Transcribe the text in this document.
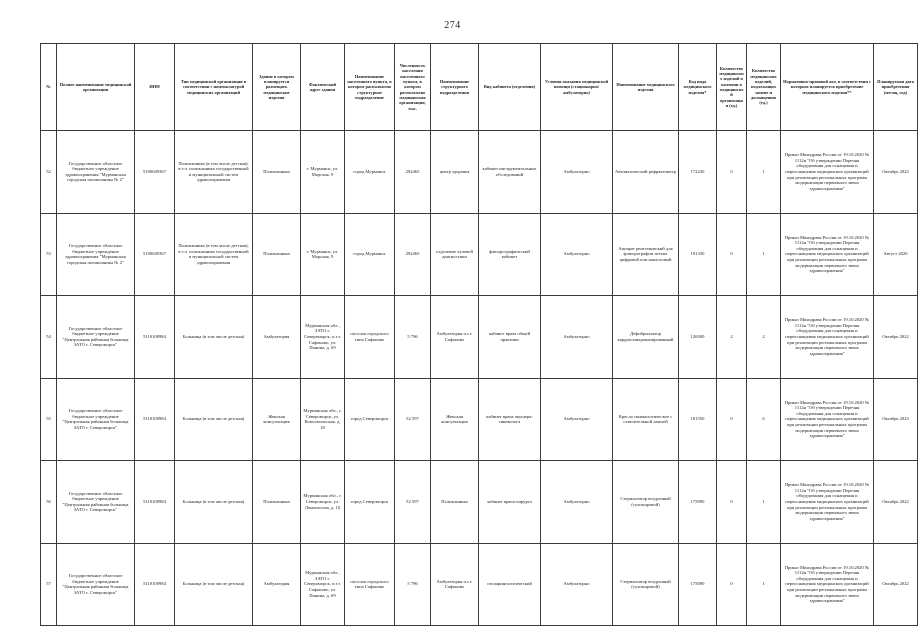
274
№	Полное наименование медицинской организации	ИНН	Тип медицинской организации в соответствии с номенклатурой медицинских организаций	Здание в котором планируется размещать медицинские изделия	Фактический адрес здания	Наименование населенного пункта, в котором расположено структурное подразделение	Численность населения населенного пункта, в котором расположено медицинская организация, тыс.	Наименование структурного подразделения	Вид кабинета (отделения)	Условия оказания медицинской помощи (стационарно/амбулаторно)	Наименование медицинского изделия	Код вида медицинского изделия*	Количество медицинских изделий в наличии в медицинской организации (ед.)	Количество медицинских изделий, подлежащих замене и доснащению (ед.)	Нормативно-правовой акт, в соответствии с которым планируется приобретение медицинского изделия**	Планируемая дата приобретения (месяц, год)
52	Государственное областное бюджетное учреждение здравоохранения "Мурманская городская поликлиника № 2"	5190049367	Поликлиника (в том числе детская), в т.ч. поликлиника государственной и муниципальной систем здравоохранения	Поликлиника	г. Мурманск, ул. Морская, 9	город Мурманск	292465	центр здоровья	кабинет инструментальных обследований	Амбулаторно	Автоматический рефрактометр	172230	0	1	Приказ Минздрава России от 19.10.2020 № 1112н "Об утверждении Перечня оборудования для оснащения и переоснащения медицинских организаций при реализации региональных программ модернизации первичного звена здравоохранения"	Октябрь 2022
53	Государственное областное бюджетное учреждение здравоохранения "Мурманская городская поликлиника № 2"	5190049367	Поликлиника (в том числе детская), в т.ч. поликлиника государственной и муниципальной систем здравоохранения	Поликлиника	г. Мурманск, ул. Морская, 9	город Мурманск	292465	отделение лучевой диагностики	флюорографический кабинет	Амбулаторно	Аппарат рентгеновский для флюорографии легких цифровой или аналоговый	191330	0	1	Приказ Минздрава России от 19.10.2020 № 1112н "Об утверждении Перечня оборудования для оснащения и переоснащения медицинских организаций при реализации региональных программ модернизации первичного звена здравоохранения"	Август 2020
54	Государственное областное бюджетное учреждение "Центральная районная больница ЗАТО г. Североморск"	5110100984	Больница (в том числе детская)	Амбулатория	Мурманская обл., ЗАТО г. Североморск, п.г.т. Сафоново, ул. Панина, д. 69	поселок городского типа Сафоново	5 796	Амбулатория п.г.т. Сафоново	кабинет врача общей практики	Амбулаторно	Дефибриллятор кардиосинхронизированный	126500	2	2	Приказ Минздрава России от 19.10.2020 № 1112н "Об утверждении Перечня оборудования для оснащения и переоснащения медицинских организаций при реализации региональных программ модернизации первичного звена здравоохранения"	Октябрь 2022
55	Государственное областное бюджетное учреждение "Центральная районная больница ЗАТО г. Североморск"	5110100984	Больница (в том числе детская)	Женская консультация	Мурманская обл., г. Североморск, ул. Комсомольская, д. 18	город Североморск	52 597	Женская консультация	кабинет врача акушера-гинеколога	Амбулаторно	Кресло гинекологическое с осветительной лампой	181550	0	6	Приказ Минздрава России от 19.10.2020 № 1112н "Об утверждении Перечня оборудования для оснащения и переоснащения медицинских организаций при реализации региональных программ модернизации первичного звена здравоохранения"	Октябрь 2023
56	Государственное областное бюджетное учреждение "Центральная районная больница ЗАТО г. Североморск"	5110100984	Больница (в том числе детская)	Поликлиника	Мурманская обл., г. Североморск, ул. Ломоносова, д. 10	город Североморск	52 597	Поликлиника	кабинет врача-хирурга	Амбулаторно	Стерилизатор воздушный (сухожаровой)	175090	0	1	Приказ Минздрава России от 19.10.2020 № 1112н "Об утверждении Перечня оборудования для оснащения и переоснащения медицинских организаций при реализации региональных программ модернизации первичного звена здравоохранения"	Октябрь 2022
57	Государственное областное бюджетное учреждение "Центральная районная больница ЗАТО г. Североморск"	5110100984	Больница (в том числе детская)	Амбулатория	Мурманская обл., ЗАТО г. Североморск, п.г.т. Сафоново, ул. Панина, д. 69	поселок городского типа Сафоново	5 796	Амбулатория п.г.т. Сафоново	отоларингологический	Амбулаторно	Стерилизатор воздушный (сухожаровой)	175090	0	1	Приказ Минздрава России от 19.10.2020 № 1112н "Об утверждении Перечня оборудования для оснащения и переоснащения медицинских организаций при реализации региональных программ модернизации первичного звена здравоохранения"	Октябрь 2022
